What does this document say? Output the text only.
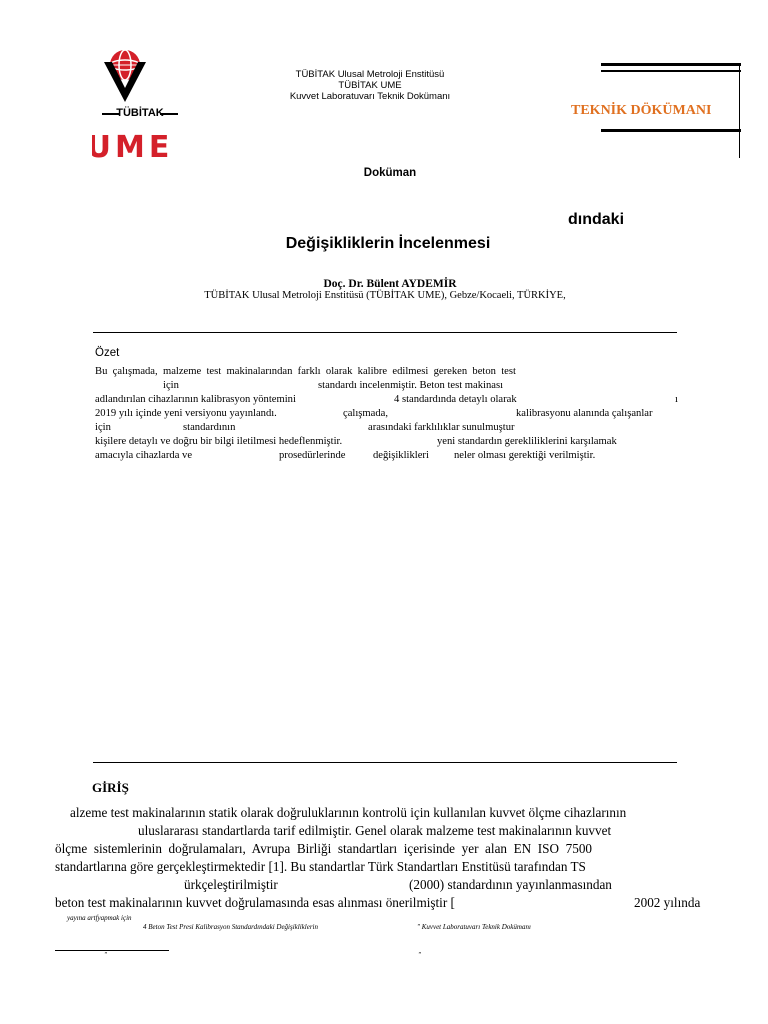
TÜBİTAK
UME
TÜBİTAK Ulusal Metroloji Enstitüsü
TÜBİTAK UME
Kuvvet Laboratuvarı Teknik Dokümanı
TEKNİK DÖKÜMANI
Doküman
dındaki
Değişikliklerin İncelenmesi
Doç. Dr. Bülent AYDEMİR
TÜBİTAK Ulusal Metroloji Enstitüsü (TÜBİTAK UME), Gebze/Kocaeli, TÜRKİYE,
Özet
Bu  çalışmada,  malzeme  test  makinalarından  farklı  olarak  kalibre  edilmesi  gereken  beton  test
için	standardı incelenmiştir. Beton test makinası
adlandırılan cihazlarının kalibrasyon yöntemini	4 standardında detaylı olarak	ı
2019 yılı içinde yeni versiyonu yayınlandı.	çalışmada,	kalibrasyonu alanında çalışanlar
için	standardının	arasındaki farklılıklar sunulmuştur
kişilere detaylı ve doğru bir bilgi iletilmesi hedeflenmiştir.	yeni standardın gerekliliklerini karşılamak
amacıyla cihazlarda ve	prosedürlerinde	değişiklikleri neler olması gerektiği verilmiştir.
GİRİŞ
alzeme test makinalarının statik olarak doğruluklarının kontrolü için kullanılan kuvvet ölçme cihazlarının
uluslararası standartlarda tarif edilmiştir. Genel olarak malzeme test makinalarının kuvvet
ölçme  sistemlerinin  doğrulamaları,  Avrupa  Birliği  standartları  içerisinde  yer  alan  EN  ISO  7500
standartlarına göre gerçekleştirmektedir [1]. Bu standartlar Türk Standartları Enstitüsü tarafından TS
ürkçeleştirilmiştir	(2000) standardının yayınlanmasından
beton test makinalarının kuvvet doğrulamasında esas alınması önerilmiştir [	2002 yılında
yayına artfyapmak için
4 Beton Test Presi Kalibrasyon Standardındaki Değişikliklerin	" Kuvvet Laboratuvarı Teknik Dokümanı
"	"
